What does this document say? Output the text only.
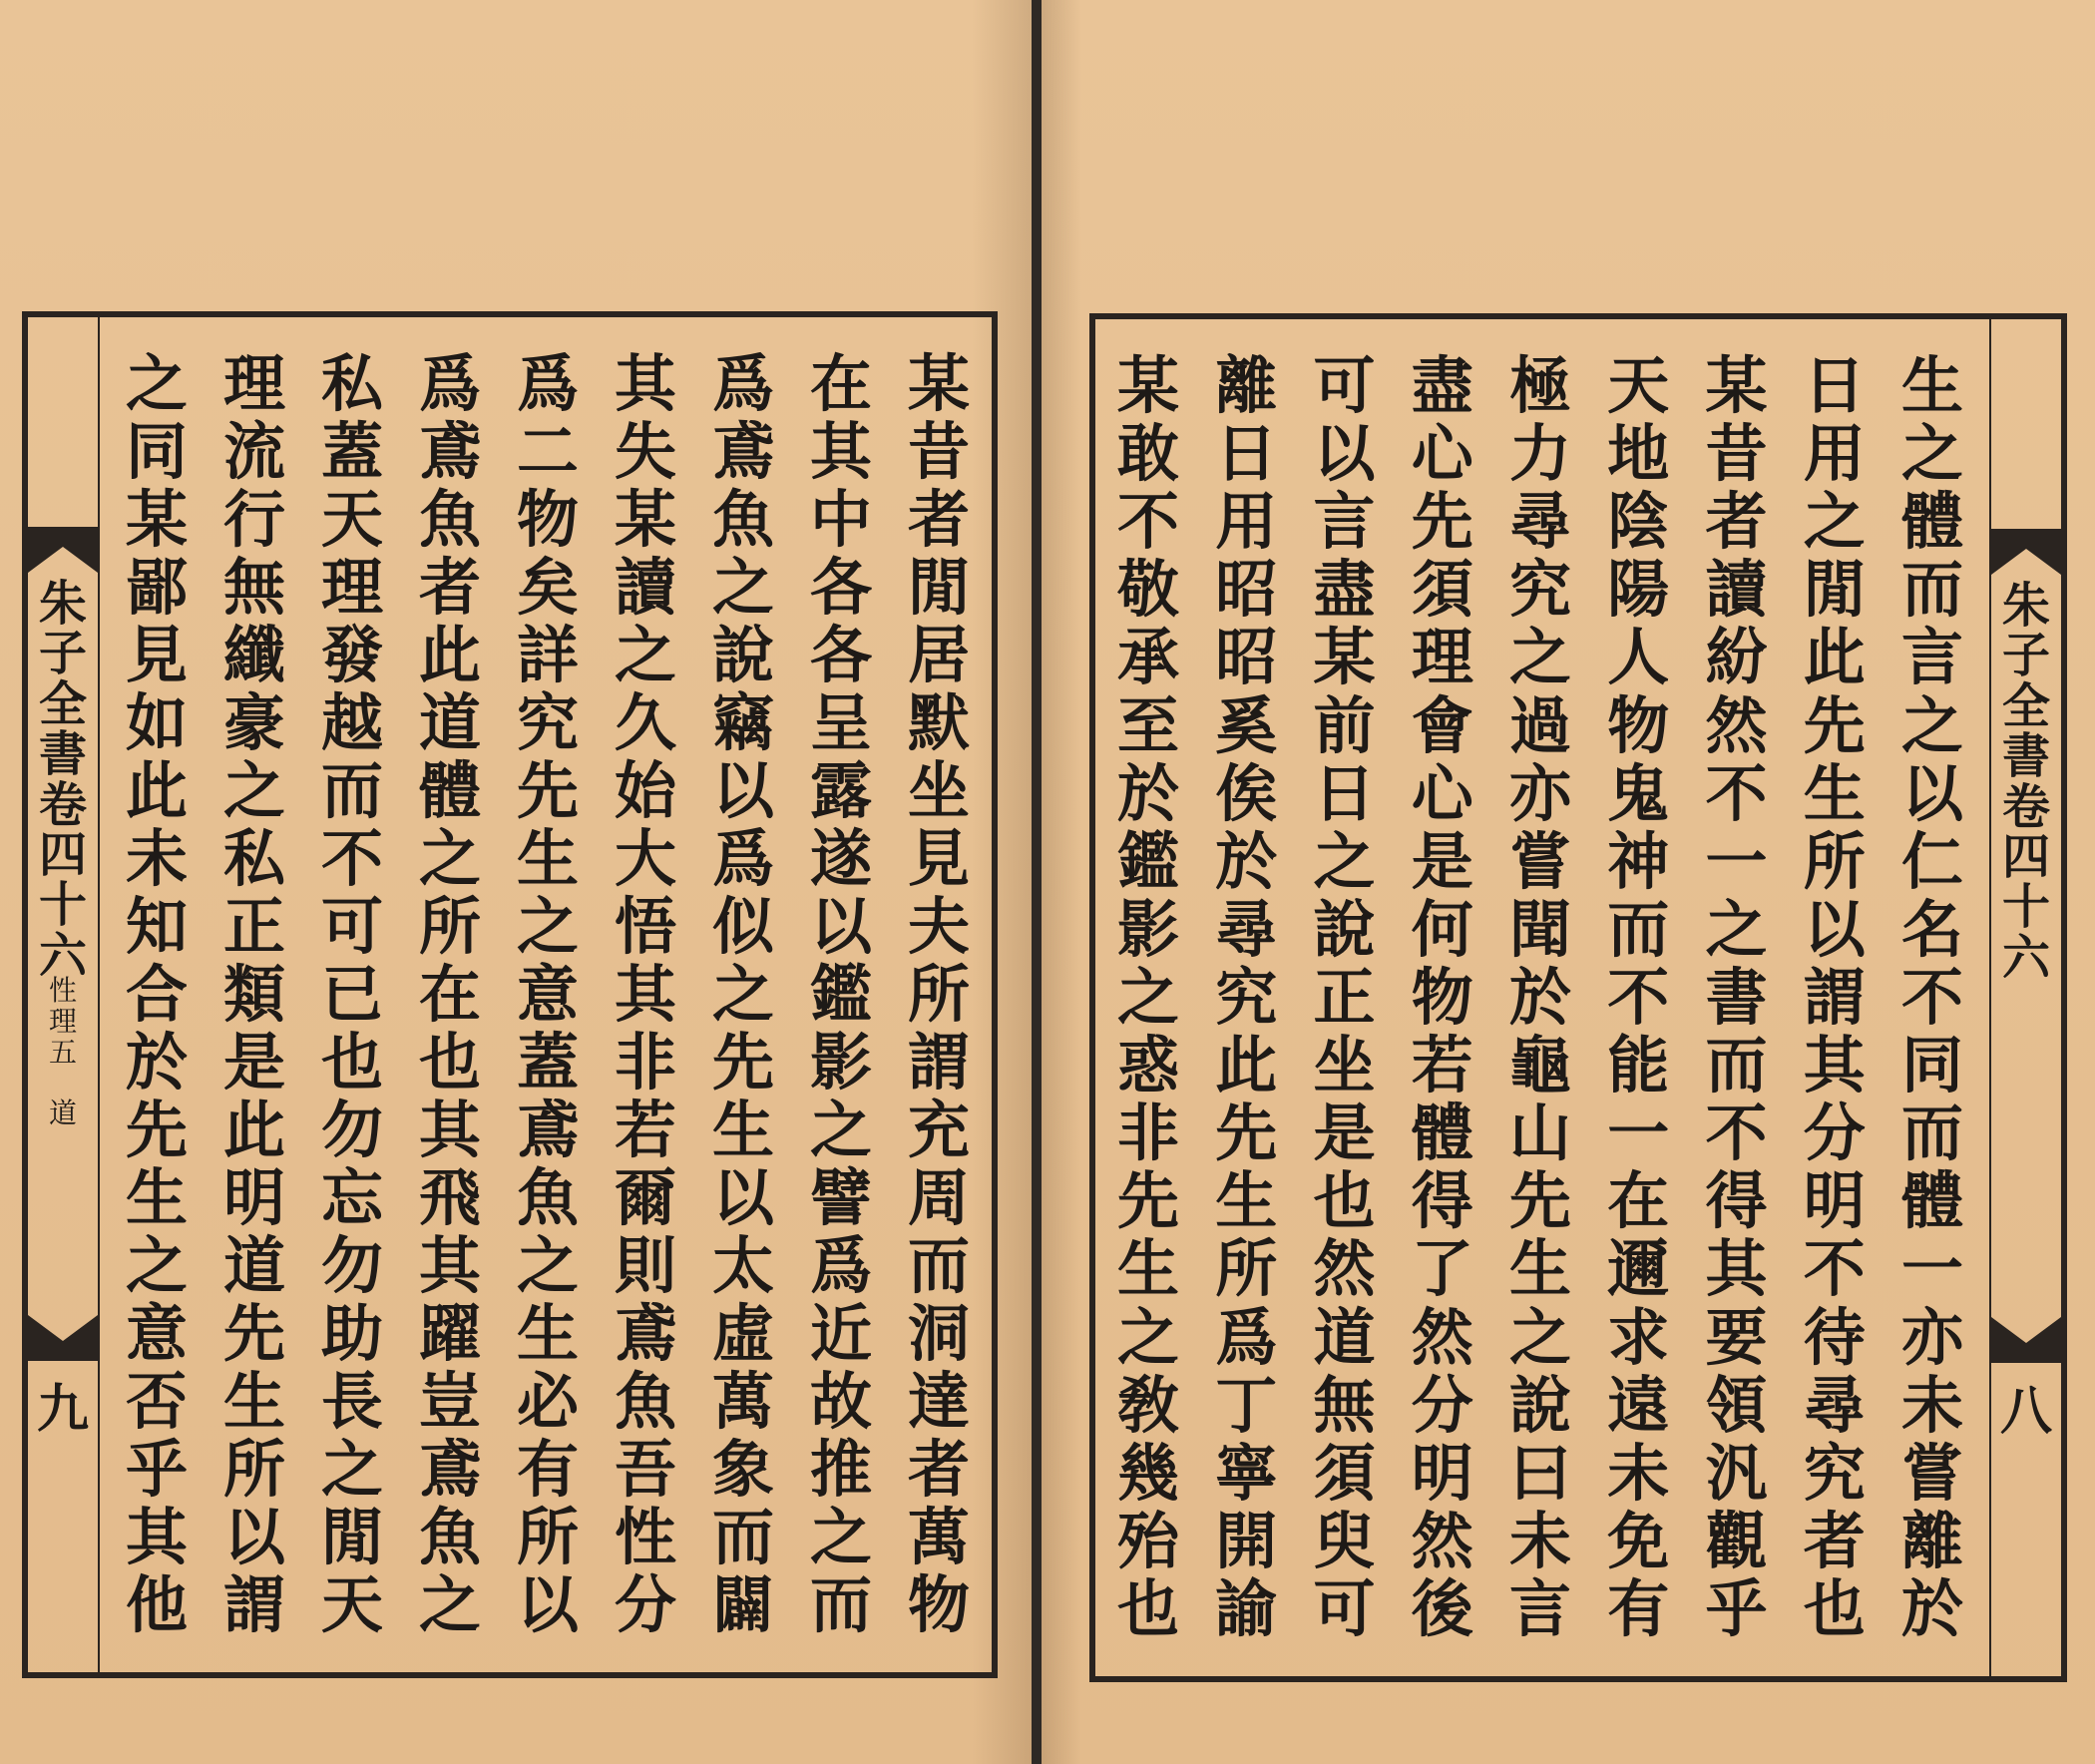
朱
子
全
書
卷
四
十
六
性
理
五

道
九
某
昔
者
閒
居
默
坐
見
夫
所
謂
充
周
而
洞
達
者
萬
物
在
其
中
各
各
呈
露
遂
以
鑑
影
之
譬
爲
近
故
推
之
而
爲
鳶
魚
之
說
竊
以
爲
似
之
先
生
以
太
虛
萬
象
而
闢
其
失
某
讀
之
久
始
大
悟
其
非
若
爾
則
鳶
魚
吾
性
分
爲
二
物
矣
詳
究
先
生
之
意
蓋
鳶
魚
之
生
必
有
所
以
爲
鳶
魚
者
此
道
體
之
所
在
也
其
飛
其
躍
豈
鳶
魚
之
私
蓋
天
理
發
越
而
不
可
已
也
勿
忘
勿
助
長
之
閒
天
理
流
行
無
纖
豪
之
私
正
類
是
此
明
道
先
生
所
以
謂
之
同
某
鄙
見
如
此
未
知
合
於
先
生
之
意
否
乎
其
他
生
之
體
而
言
之
以
仁
名
不
同
而
體
一
亦
未
嘗
離
於
日
用
之
閒
此
先
生
所
以
謂
其
分
明
不
待
尋
究
者
也
某
昔
者
讀
紛
然
不
一
之
書
而
不
得
其
要
領
汎
觀
乎
天
地
陰
陽
人
物
鬼
神
而
不
能
一
在
邇
求
遠
未
免
有
極
力
尋
究
之
過
亦
嘗
聞
於
龜
山
先
生
之
說
曰
未
言
盡
心
先
須
理
會
心
是
何
物
若
體
得
了
然
分
明
然
後
可
以
言
盡
某
前
日
之
說
正
坐
是
也
然
道
無
須
臾
可
離
日
用
昭
昭
奚
俟
於
尋
究
此
先
生
所
爲
丁
寧
開
諭
某
敢
不
敬
承
至
於
鑑
影
之
惑
非
先
生
之
敎
幾
殆
也
朱
子
全
書
卷
四
十
六
八
